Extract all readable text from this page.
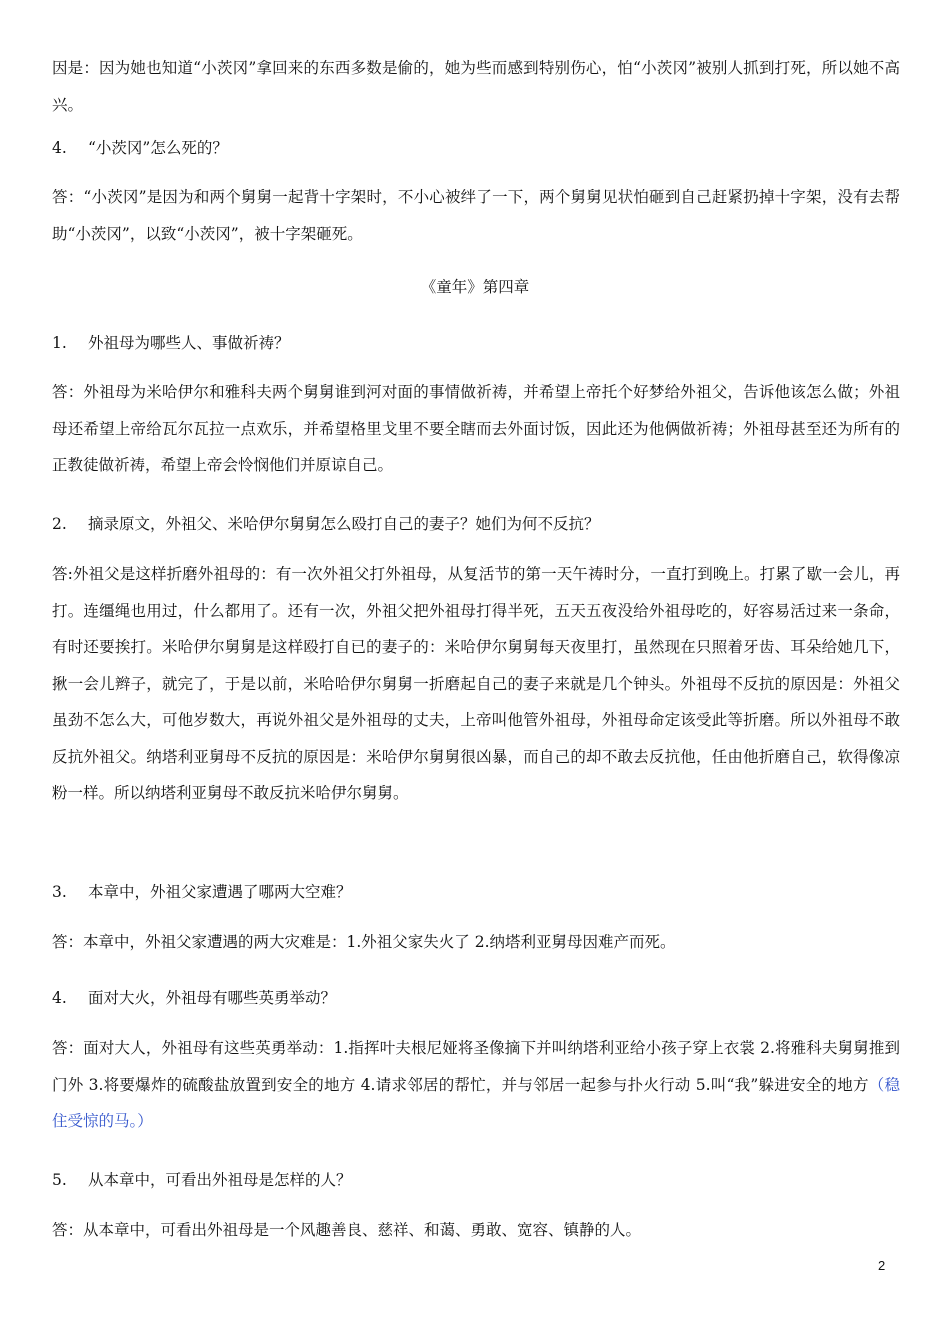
因是：因为她也知道“小茨冈”拿回来的东西多数是偷的，她为些而感到特别伤心，怕“小茨冈”被别人抓到打死，所以她不高兴。

4. “小茨冈”怎么死的？

答：“小茨冈”是因为和两个舅舅一起背十字架时，不小心被绊了一下，两个舅舅见状怕砸到自己赶紧扔掉十字架，没有去帮助“小茨冈”，以致“小茨冈”，被十字架砸死。

《童年》第四章
1. 外祖母为哪些人、事做祈祷？

答：外祖母为米哈伊尔和雅科夫两个舅舅谁到河对面的事情做祈祷，并希望上帝托个好梦给外祖父，告诉他该怎么做；外祖母还希望上帝给瓦尔瓦拉一点欢乐，并希望格里戈里不要全瞎而去外面讨饭，因此还为他俩做祈祷；外祖母甚至还为所有的正教徒做祈祷，希望上帝会怜悯他们并原谅自己。

2. 摘录原文，外祖父、米哈伊尔舅舅怎么殴打自己的妻子？她们为何不反抗？

答:外祖父是这样折磨外祖母的：有一次外祖父打外祖母，从复活节的第一天午祷时分，一直打到晚上。打累了歇一会儿，再打。连缰绳也用过，什么都用了。还有一次，外祖父把外祖母打得半死，五天五夜没给外祖母吃的，好容易活过来一条命，有时还要挨打。米哈伊尔舅舅是这样殴打自已的妻子的：米哈伊尔舅舅每天夜里打，虽然现在只照着牙齿、耳朵给她几下，揪一会儿辫子，就完了，于是以前，米哈哈伊尔舅舅一折磨起自己的妻子来就是几个钟头。外祖母不反抗的原因是：外祖父虽劲不怎么大，可他岁数大，再说外祖父是外祖母的丈夫，上帝叫他管外祖母，外祖母命定该受此等折磨。所以外祖母不敢反抗外祖父。纳塔利亚舅母不反抗的原因是：米哈伊尔舅舅很凶暴，而自己的却不敢去反抗他，任由他折磨自己，软得像凉粉一样。所以纳塔利亚舅母不敢反抗米哈伊尔舅舅。

3. 本章中，外祖父家遭遇了哪两大空难？

答：本章中，外祖父家遭遇的两大灾难是：1.外祖父家失火了 2.纳塔利亚舅母因难产而死。

4. 面对大火，外祖母有哪些英勇举动？

答：面对大人，外祖母有这些英勇举动：1.指挥叶夫根尼娅将圣像摘下并叫纳塔利亚给小孩子穿上衣裳 2.将雅科夫舅舅推到门外 3.将要爆炸的硫酸盐放置到安全的地方 4.请求邻居的帮忙，并与邻居一起参与扑火行动 5.叫“我”躲进安全的地方（稳住受惊的马。）

5. 从本章中，可看出外祖母是怎样的人？

答：从本章中，可看出外祖母是一个风趣善良、慈祥、和蔼、勇敢、宽容、镇静的人。

2
